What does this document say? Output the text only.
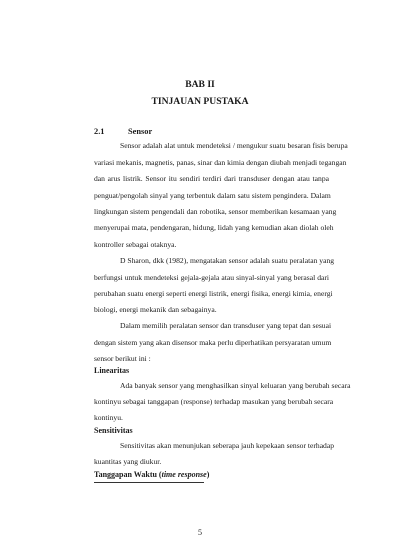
BAB II
TINJAUAN PUSTAKA
2.1	Sensor
Sensor adalah alat untuk mendeteksi / mengukur suatu besaran fisis berupa
variasi mekanis, magnetis, panas, sinar dan kimia dengan diubah menjadi tegangan
dan arus listrik. Sensor itu sendiri terdiri dari transduser dengan atau tanpa
penguat/pengolah sinyal yang terbentuk dalam satu sistem pengindera. Dalam
lingkungan sistem pengendali dan robotika, sensor memberikan kesamaan yang
menyerupai mata, pendengaran, hidung, lidah yang kemudian akan diolah oleh
kontroller sebagai otaknya.
D Sharon, dkk (1982), mengatakan sensor adalah suatu peralatan yang
berfungsi untuk mendeteksi gejala-gejala atau sinyal-sinyal yang berasal dari
perubahan suatu energi seperti energi listrik, energi fisika, energi kimia, energi
biologi, energi mekanik dan sebagainya.
Dalam memilih peralatan sensor dan transduser yang tepat dan sesuai
dengan sistem yang akan disensor maka perlu diperhatikan persyaratan umum
sensor berikut ini :
Linearitas
Ada banyak sensor yang menghasilkan sinyal keluaran yang berubah secara
kontinyu sebagai tanggapan (response) terhadap masukan yang berubah secara
kontinyu.
Sensitivitas
Sensitivitas akan menunjukan seberapa jauh kepekaan sensor terhadap
kuantitas yang diukur.
Tanggapan Waktu (time response)
5
